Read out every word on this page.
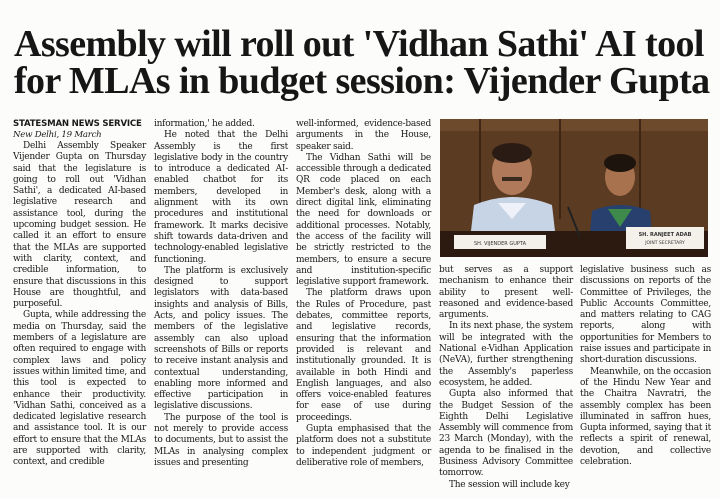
Assembly will roll out 'Vidhan Sathi' AI tool
for MLAs in budget session: Vijender Gupta

STATESMAN NEWS SERVICE

New Delhi, 19 March

Delhi Assembly Speaker Vijender Gupta on Thursday said that the legislature is going to roll out 'Vidhan Sathi', a dedicated AI-based legislative research and assistance tool, during the upcoming budget session. He called it an effort to ensure that the MLAs are supported with clarity, context, and credible information, to ensure that discussions in this House are thoughtful, and purposeful.

Gupta, while addressing the media on Thursday, said the members of a legislature are often required to engage with complex laws and policy issues within limited time, and this tool is expected to enhance their productivity. 'Vidhan Sathi, conceived as a dedicated legislative research and assistance tool. It is our effort to ensure that the MLAs are supported with clarity, context, and credible

information,' he added.

He noted that the Delhi Assembly is the first legislative body in the country to introduce a dedicated AI-enabled chatbot for its members, developed in alignment with its own procedures and institutional framework. It marks decisive shift towards data-driven and technology-enabled legislative functioning.

The platform is exclusively designed to support legislators with data-based insights and analysis of Bills, Acts, and policy issues. The members of the legislative assembly can also upload screenshots of Bills or reports to receive instant analysis and contextual understanding, enabling more informed and effective participation in legislative discussions.

The purpose of the tool is not merely to provide access to documents, but to assist the MLAs in analysing complex issues and presenting

well-informed, evidence-based arguments in the House, speaker said.

The Vidhan Sathi will be accessible through a dedicated QR code placed on each Member's desk, along with a direct digital link, eliminating the need for downloads or additional processes. Notably, the access of the facility will be strictly restricted to the members, to ensure a secure and institution-specific legislative support framework.

The platform draws upon the Rules of Procedure, past debates, committee reports, and legislative records, ensuring that the information provided is relevant and institutionally grounded. It is available in both Hindi and English languages, and also offers voice-enabled features for ease of use during proceedings.

Gupta emphasised that the platform does not a substitute to independent judgment or deliberative role of members,

SH. VIJENDER GUPTA
SH. RANJEET ADAB
JOINT SECRETARY

but serves as a support mechanism to enhance their ability to present well-reasoned and evidence-based arguments.

In its next phase, the system will be integrated with the National e-Vidhan Application (NeVA), further strengthening the Assembly's paperless ecosystem, he added.

Gupta also informed that the Budget Session of the Eighth Delhi Legislative Assembly will commence from 23 March (Monday), with the agenda to be finalised in the Business Advisory Committee tomorrow.

The session will include key

legislative business such as discussions on reports of the Committee of Privileges, the Public Accounts Committee, and matters relating to CAG reports, along with opportunities for Members to raise issues and participate in short-duration discussions.

Meanwhile, on the occasion of the Hindu New Year and the Chaitra Navratri, the assembly complex has been illuminated in saffron hues, Gupta informed, saying that it reflects a spirit of renewal, devotion, and collective celebration.
